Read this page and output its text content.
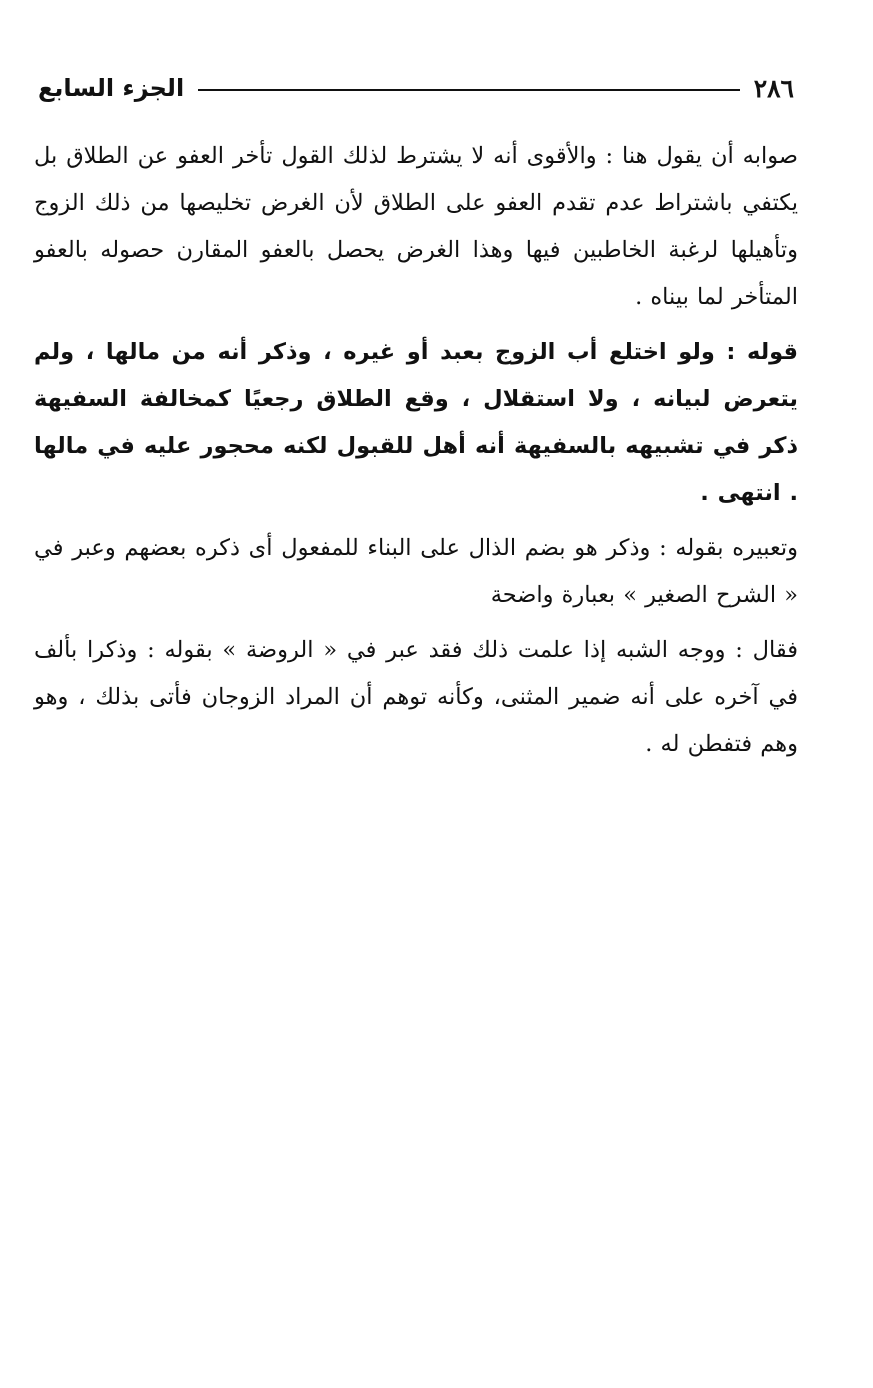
٢٨٦
الجزء السابع

صوابه أن يقول هنا : والأقوى أنه لا يشترط لذلك القول تأخر العفو عن الطلاق بل يكتفي باشتراط عدم تقدم العفو على الطلاق لأن الغرض تخليصها من ذلك الزوج وتأهيلها لرغبة الخاطبين فيها وهذا الغرض يحصل بالعفو المقارن حصوله بالعفو المتأخر لما بيناه .

قوله : ولو اختلع أب الزوج بعبد أو غيره ، وذكر أنه من مالها ، ولم يتعرض لبيانه ، ولا استقلال ، وقع الطلاق رجعيًا كمخالفة السفيهة ذكر في تشبيهه بالسفيهة أنه أهل للقبول لكنه محجور عليه في مالها . انتهى .

وتعبيره بقوله : وذكر هو بضم الذال على البناء للمفعول أى ذكره بعضهم وعبر في « الشرح الصغير » بعبارة واضحة

فقال : ووجه الشبه إذا علمت ذلك فقد عبر في « الروضة » بقوله : وذكرا بألف في آخره على أنه ضمير المثنى، وكأنه توهم أن المراد الزوجان فأتى بذلك ، وهو وهم فتفطن له .
